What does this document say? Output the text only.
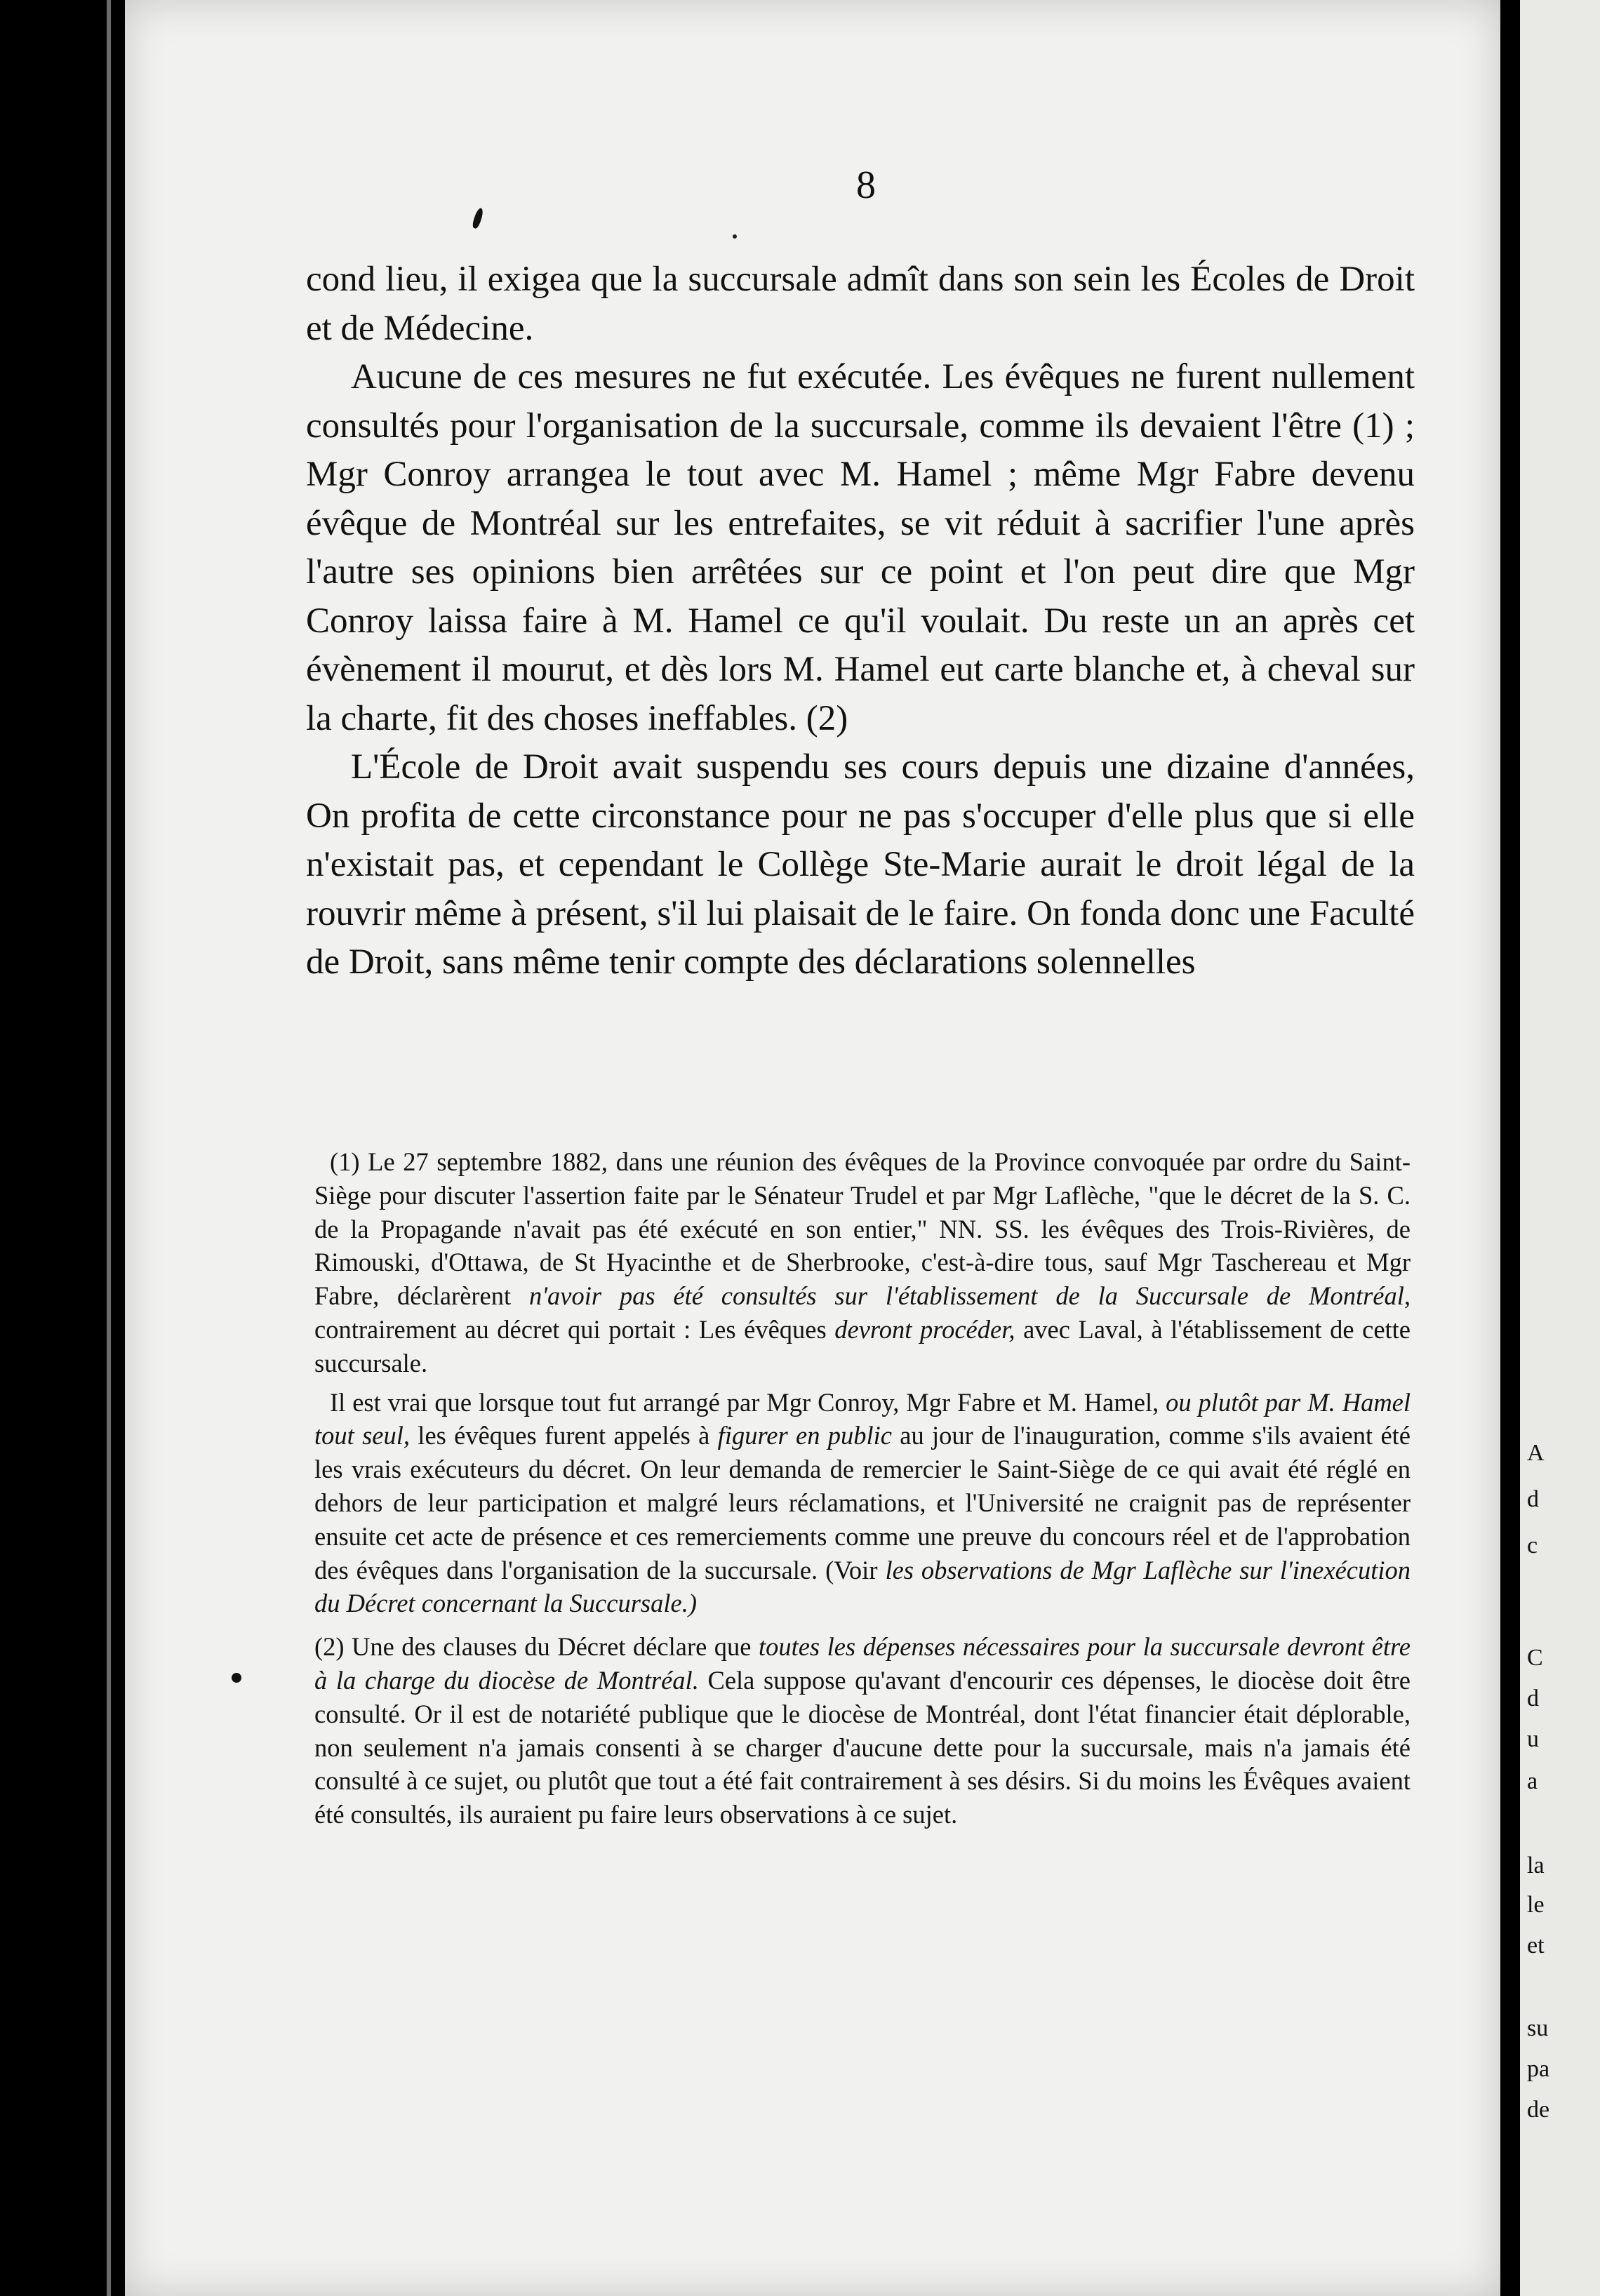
A
d
c
C
d
u
a
la
le
et
su
pa
de
8

cond lieu, il exigea que la succursale admît dans son sein les Écoles de Droit et de Médecine.

Aucune de ces mesures ne fut exécutée. Les évêques ne furent nullement consultés pour l'organisation de la succursale, comme ils devaient l'être (1) ; Mgr Conroy arrangea le tout avec M. Hamel ; même Mgr Fabre devenu évêque de Montréal sur les entrefaites, se vit réduit à sacrifier l'une après l'autre ses opinions bien arrêtées sur ce point et l'on peut dire que Mgr Conroy laissa faire à M. Hamel ce qu'il voulait. Du reste un an après cet évènement il mourut, et dès lors M. Hamel eut carte blanche et, à cheval sur la charte, fit des choses ineffables. (2)

L'École de Droit avait suspendu ses cours depuis une dizaine d'années, On profita de cette circonstance pour ne pas s'occuper d'elle plus que si elle n'existait pas, et cependant le Collège Ste-Marie aurait le droit légal de la rouvrir même à présent, s'il lui plaisait de le faire. On fonda donc une Faculté de Droit, sans même tenir compte des déclarations solennelles

(1) Le 27 septembre 1882, dans une réunion des évêques de la Province convoquée par ordre du Saint-Siège pour discuter l'assertion faite par le Sénateur Trudel et par Mgr Laflèche, "que le décret de la S. C. de la Propagande n'avait pas été exécuté en son entier," NN. SS. les évêques des Trois-Rivières, de Rimouski, d'Ottawa, de St Hyacinthe et de Sherbrooke, c'est-à-dire tous, sauf Mgr Taschereau et Mgr Fabre, déclarèrent n'avoir pas été consultés sur l'établissement de la Succursale de Montréal, contrairement au décret qui portait : Les évêques devront procéder, avec Laval, à l'établissement de cette succursale.

Il est vrai que lorsque tout fut arrangé par Mgr Conroy, Mgr Fabre et M. Hamel, ou plutôt par M. Hamel tout seul, les évêques furent appelés à figurer en public au jour de l'inauguration, comme s'ils avaient été les vrais exécuteurs du décret. On leur demanda de remercier le Saint-Siège de ce qui avait été réglé en dehors de leur participation et malgré leurs réclamations, et l'Université ne craignit pas de représenter ensuite cet acte de présence et ces remerciements comme une preuve du concours réel et de l'approbation des évêques dans l'organisation de la succursale. (Voir les observations de Mgr Laflèche sur l'inexécution du Décret concernant la Succursale.)

(2) Une des clauses du Décret déclare que toutes les dépenses nécessaires pour la succursale devront être à la charge du diocèse de Montréal. Cela suppose qu'avant d'encourir ces dépenses, le diocèse doit être consulté. Or il est de notariété publique que le diocèse de Montréal, dont l'état financier était déplorable, non seulement n'a jamais consenti à se charger d'aucune dette pour la succursale, mais n'a jamais été consulté à ce sujet, ou plutôt que tout a été fait contrairement à ses désirs. Si du moins les Évêques avaient été consultés, ils auraient pu faire leurs observations à ce sujet.
